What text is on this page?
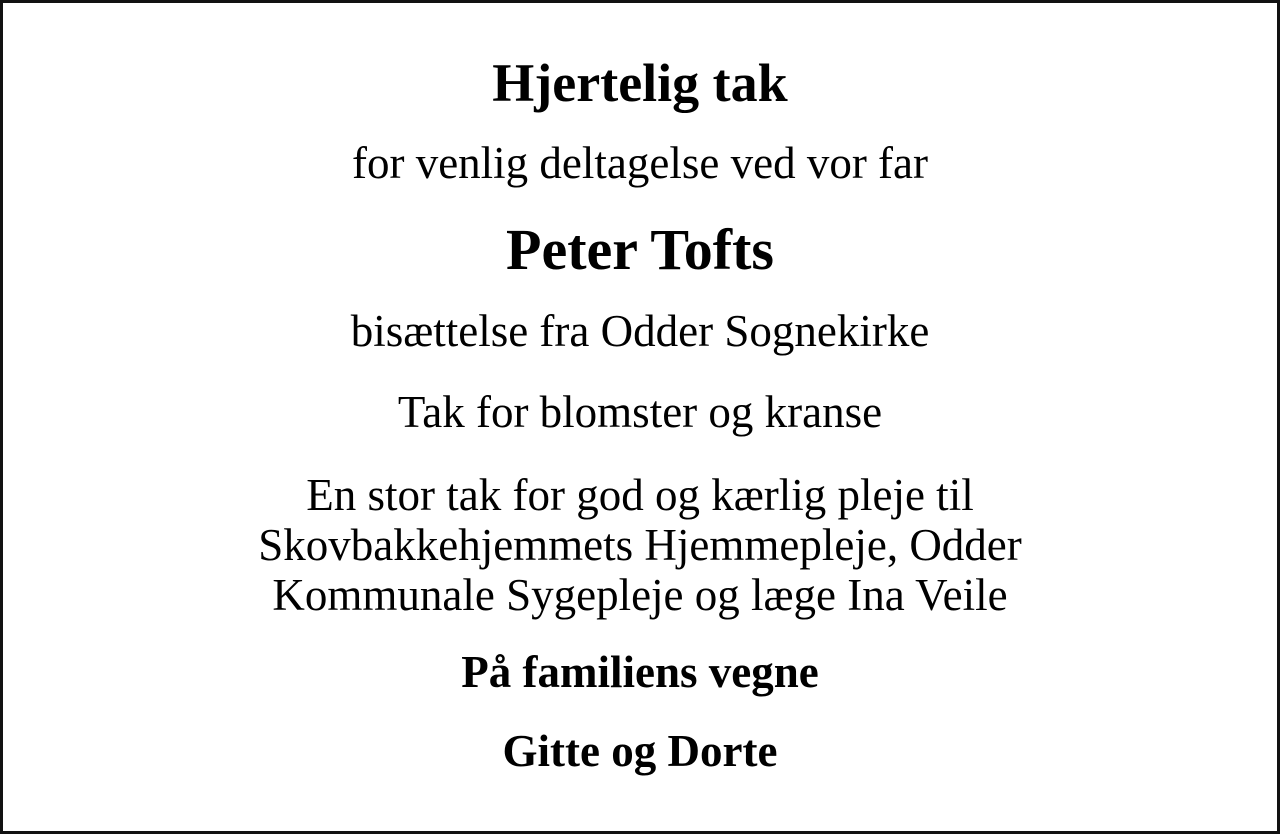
Hjertelig tak

for venlig deltagelse ved vor far

Peter Tofts

bisættelse fra Odder Sognekirke

Tak for blomster og kranse

En stor tak for god og kærlig pleje til
Skovbakkehjemmets Hjemmepleje, Odder
Kommunale Sygepleje og læge Ina Veile

På familiens vegne

Gitte og Dorte
